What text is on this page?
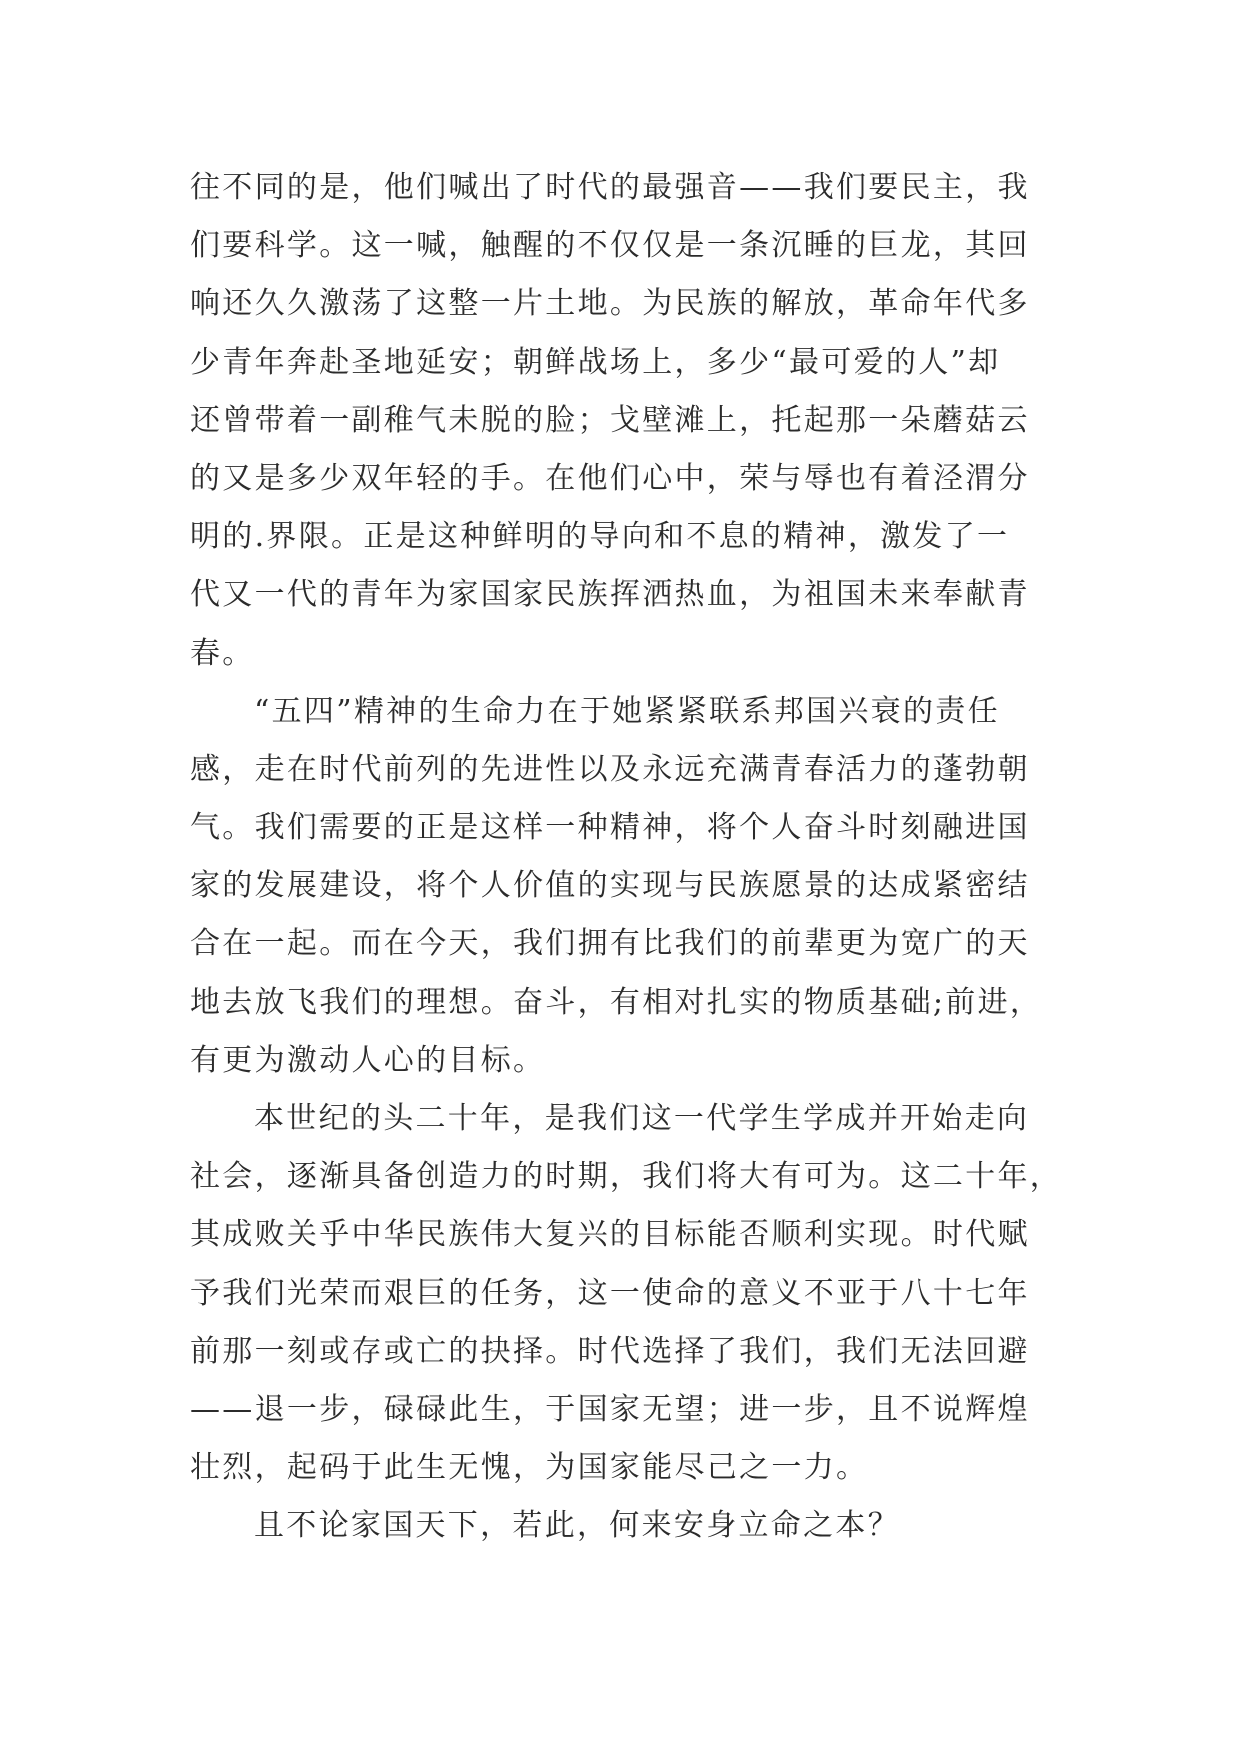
往不同的是，他们喊出了时代的最强音——我们要民主，我
们要科学。这一喊，触醒的不仅仅是一条沉睡的巨龙，其回
响还久久激荡了这整一片土地。为民族的解放，革命年代多
少青年奔赴圣地延安；朝鲜战场上，多少“最可爱的人”却
还曾带着一副稚气未脱的脸；戈壁滩上，托起那一朵蘑菇云
的又是多少双年轻的手。在他们心中，荣与辱也有着泾渭分
明的.界限。正是这种鲜明的导向和不息的精神，激发了一
代又一代的青年为家国家民族挥洒热血，为祖国未来奉献青
春。
“五四”精神的生命力在于她紧紧联系邦国兴衰的责任
感，走在时代前列的先进性以及永远充满青春活力的蓬勃朝
气。我们需要的正是这样一种精神，将个人奋斗时刻融进国
家的发展建设，将个人价值的实现与民族愿景的达成紧密结
合在一起。而在今天，我们拥有比我们的前辈更为宽广的天
地去放飞我们的理想。奋斗，有相对扎实的物质基础;前进，
有更为激动人心的目标。
本世纪的头二十年，是我们这一代学生学成并开始走向
社会，逐渐具备创造力的时期，我们将大有可为。这二十年，
其成败关乎中华民族伟大复兴的目标能否顺利实现。时代赋
予我们光荣而艰巨的任务，这一使命的意义不亚于八十七年
前那一刻或存或亡的抉择。时代选择了我们，我们无法回避
——退一步，碌碌此生，于国家无望；进一步，且不说辉煌
壮烈，起码于此生无愧，为国家能尽己之一力。
且不论家国天下，若此，何来安身立命之本？
